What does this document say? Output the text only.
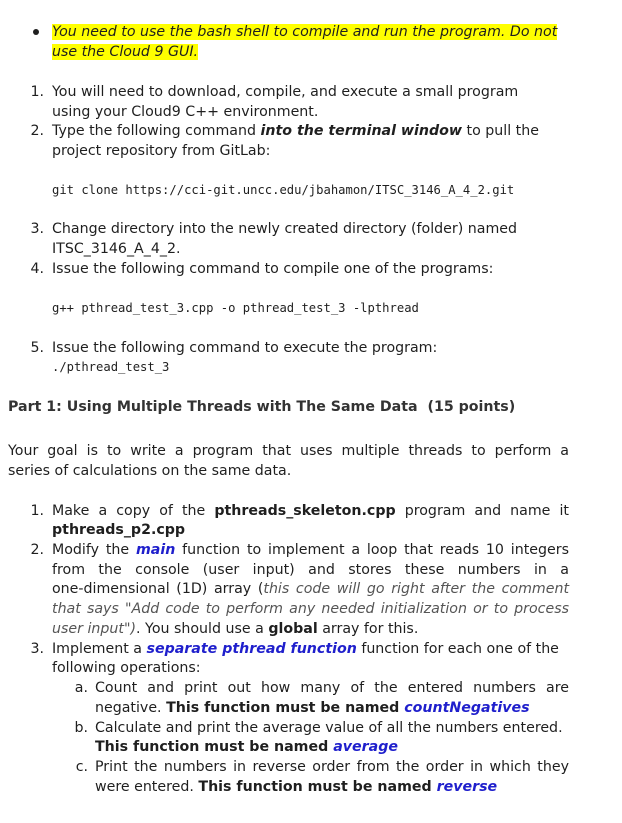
You need to use the bash shell to compile and run the program. Do not
use the Cloud 9 GUI.
1. You will need to download, compile, and execute a small program
using your Cloud9 C++ environment.
2. Type the following command into the terminal window to pull the
project repository from GitLab:
git clone https://cci-git.uncc.edu/jbahamon/ITSC_3146_A_4_2.git
3. Change directory into the newly created directory (folder) named
ITSC_3146_A_4_2.
4. Issue the following command to compile one of the programs:
g++ pthread_test_3.cpp -o pthread_test_3 -lpthread
5. Issue the following command to execute the program:
./pthread_test_3
Part 1: Using Multiple Threads with The Same Data  (15 points)
Your goal is to write a program that uses multiple threads to perform a
series of calculations on the same data.
1. Make a copy of the pthreads_skeleton.cpp program and name it
pthreads_p2.cpp
2. Modify the main function to implement a loop that reads 10 integers
from the console (user input) and stores these numbers in a
one-dimensional (1D) array (this code will go right after the comment
that says "Add code to perform any needed initialization or to process
user input"). You should use a global array for this.
3. Implement a separate pthread function function for each one of the
following operations:
a. Count and print out how many of the entered numbers are
negative. This function must be named countNegatives
b. Calculate and print the average value of all the numbers entered.
This function must be named average
c. Print the numbers in reverse order from the order in which they
were entered. This function must be named reverse
